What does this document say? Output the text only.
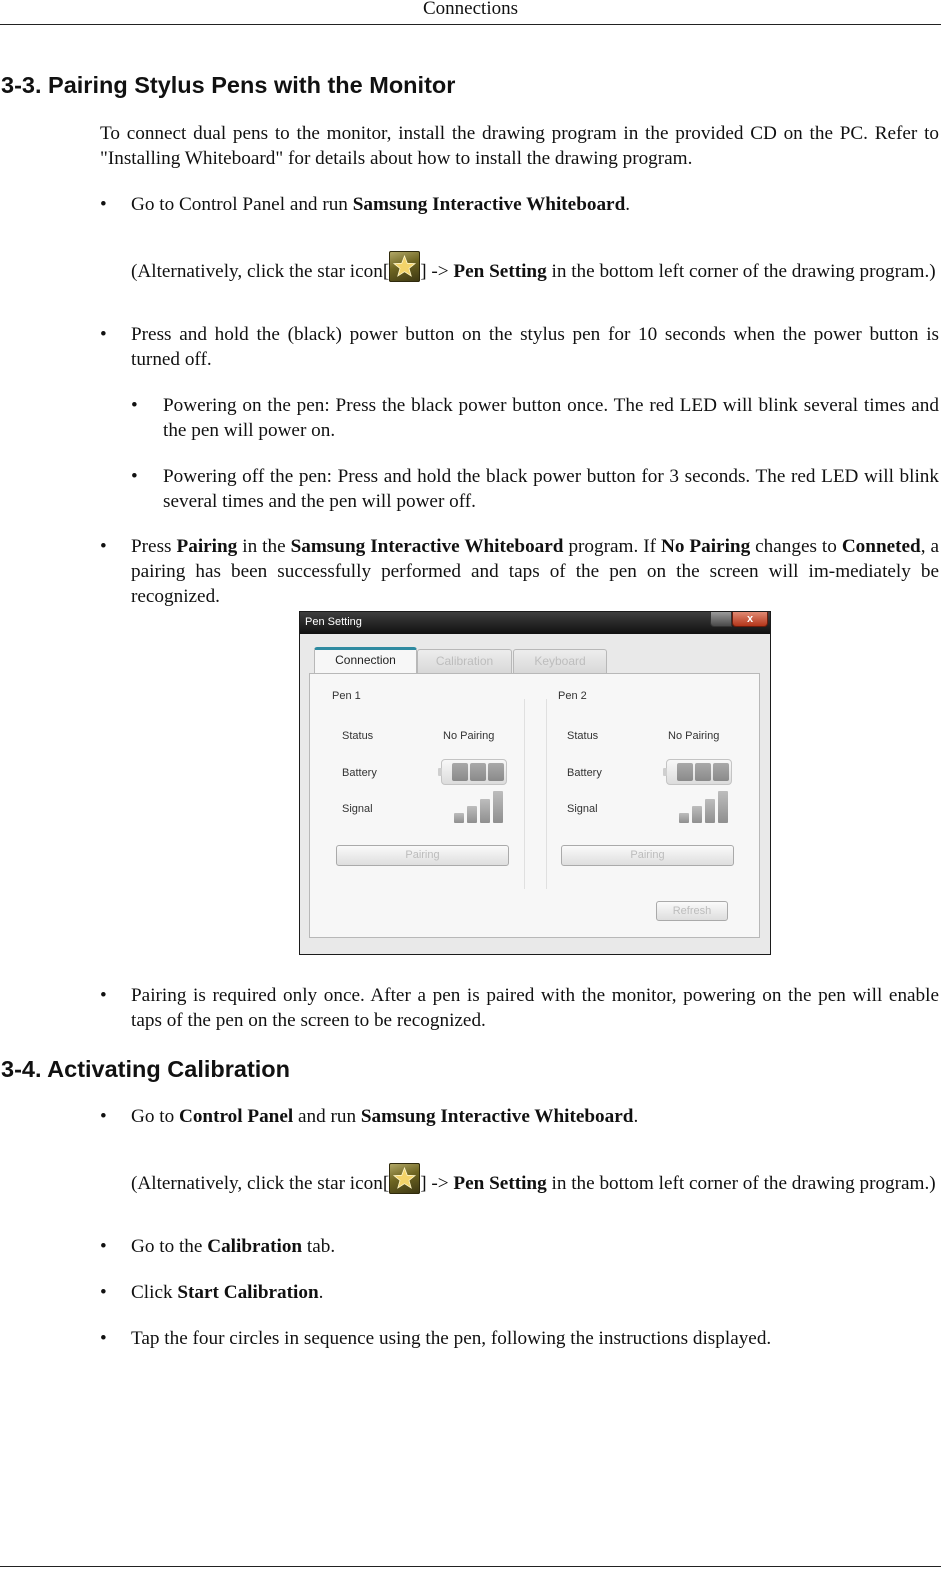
Connections
3-3. Pairing Stylus Pens with the Monitor

To connect dual pens to the monitor, install the drawing program in the provided CD on the PC. Refer to "Installing Whiteboard" for details about how to install the drawing program.

• Go to Control Panel and run Samsung Interactive Whiteboard.

(Alternatively, click the star icon[ ] -> Pen Setting in the bottom left corner of the drawing program.)

• Press and hold the (black) power button on the stylus pen for 10 seconds when the power button is turned off.

• Powering on the pen: Press the black power button once. The red LED will blink several times and the pen will power on.

• Powering off the pen: Press and hold the black power button for 3 seconds. The red LED will blink several times and the pen will power off.

• Press Pairing in the Samsung Interactive Whiteboard program. If No Pairing changes to Conneted, a pairing has been successfully performed and taps of the pen on the screen will im-mediately be recognized.

Pen Setting	x
Connection	Calibration	Keyboard
Pen 1
Status	No Pairing
Battery
Signal
Pairing
Pen 2
Status	No Pairing
Battery
Signal
Pairing
Refresh
• Pairing is required only once. After a pen is paired with the monitor, powering on the pen will enable taps of the pen on the screen to be recognized.

3-4. Activating Calibration
• Go to Control Panel and run Samsung Interactive Whiteboard.

(Alternatively, click the star icon[ ] -> Pen Setting in the bottom left corner of the drawing program.)

• Go to the Calibration tab.

• Click Start Calibration.

• Tap the four circles in sequence using the pen, following the instructions displayed.
